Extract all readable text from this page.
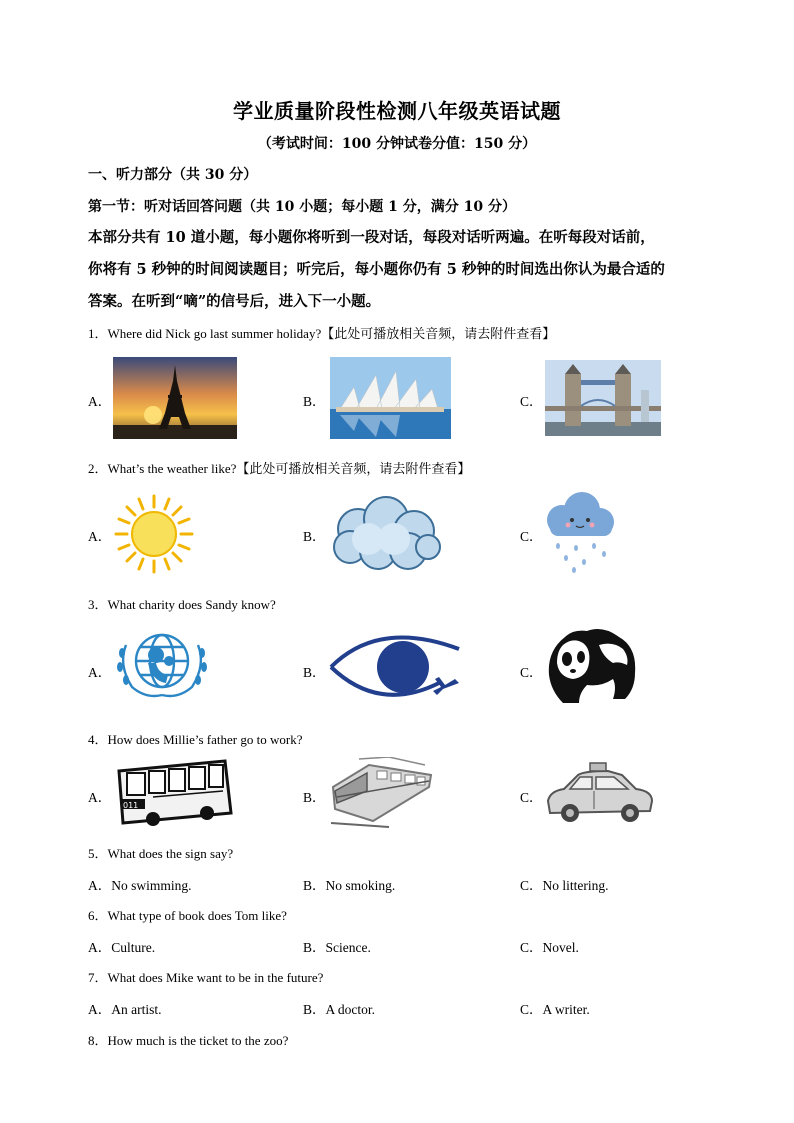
学业质量阶段性检测八年级英语试题
（考试时间：100 分钟试卷分值：150 分）
一、听力部分（共 30 分）
第一节：听对话回答问题（共 10 小题；每小题 1 分，满分 10 分）
本部分共有 10 道小题，每小题你将听到一段对话，每段对话听两遍。在听每段对话前，
你将有 5 秒钟的时间阅读题目；听完后，每小题你仍有 5 秒钟的时间选出你认为最合适的
答案。在听到“嘀”的信号后，进入下一小题。
1．Where did Nick go last summer holiday?【此处可播放相关音频，请去附件查看】
A．	B．	C．
2．What’s the weather like?【此处可播放相关音频，请去附件查看】
A．	B．	C．
3．What charity does Sandy know?
A．	B．	C．
4．How does Millie’s father go to work?
A．
011
B．	C．
5．What does the sign say?
A．No swimming.	B．No smoking.	C．No littering.
6．What type of book does Tom like?
A．Culture.	B．Science.	C．Novel.
7．What does Mike want to be in the future?
A．An artist.	B．A doctor.	C．A writer.
8．How much is the ticket to the zoo?
